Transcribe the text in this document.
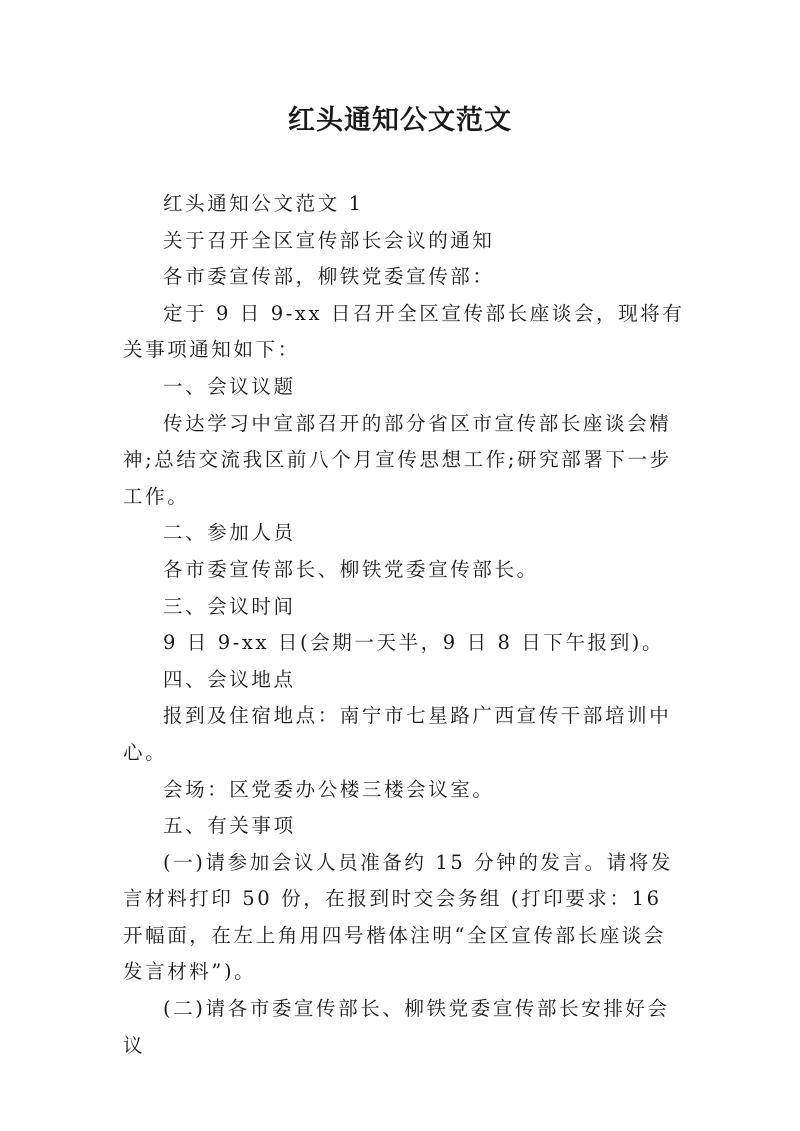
红头通知公文范文

红头通知公文范文 1

关于召开全区宣传部长会议的通知

各市委宣传部，柳铁党委宣传部：

定于 9 日 9-xx 日召开全区宣传部长座谈会，现将有关事项通知如下：

一、会议议题

传达学习中宣部召开的部分省区市宣传部长座谈会精神;总结交流我区前八个月宣传思想工作;研究部署下一步工作。

二、参加人员

各市委宣传部长、柳铁党委宣传部长。

三、会议时间

9 日 9-xx 日(会期一天半，9 日 8 日下午报到)。

四、会议地点

报到及住宿地点：南宁市七星路广西宣传干部培训中心。

会场：区党委办公楼三楼会议室。

五、有关事项

(一)请参加会议人员准备约 15 分钟的发言。请将发言材料打印 50 份，在报到时交会务组 (打印要求：16 开幅面，在左上角用四号楷体注明“全区宣传部长座谈会发言材料”)。

(二)请各市委宣传部长、柳铁党委宣传部长安排好会议
